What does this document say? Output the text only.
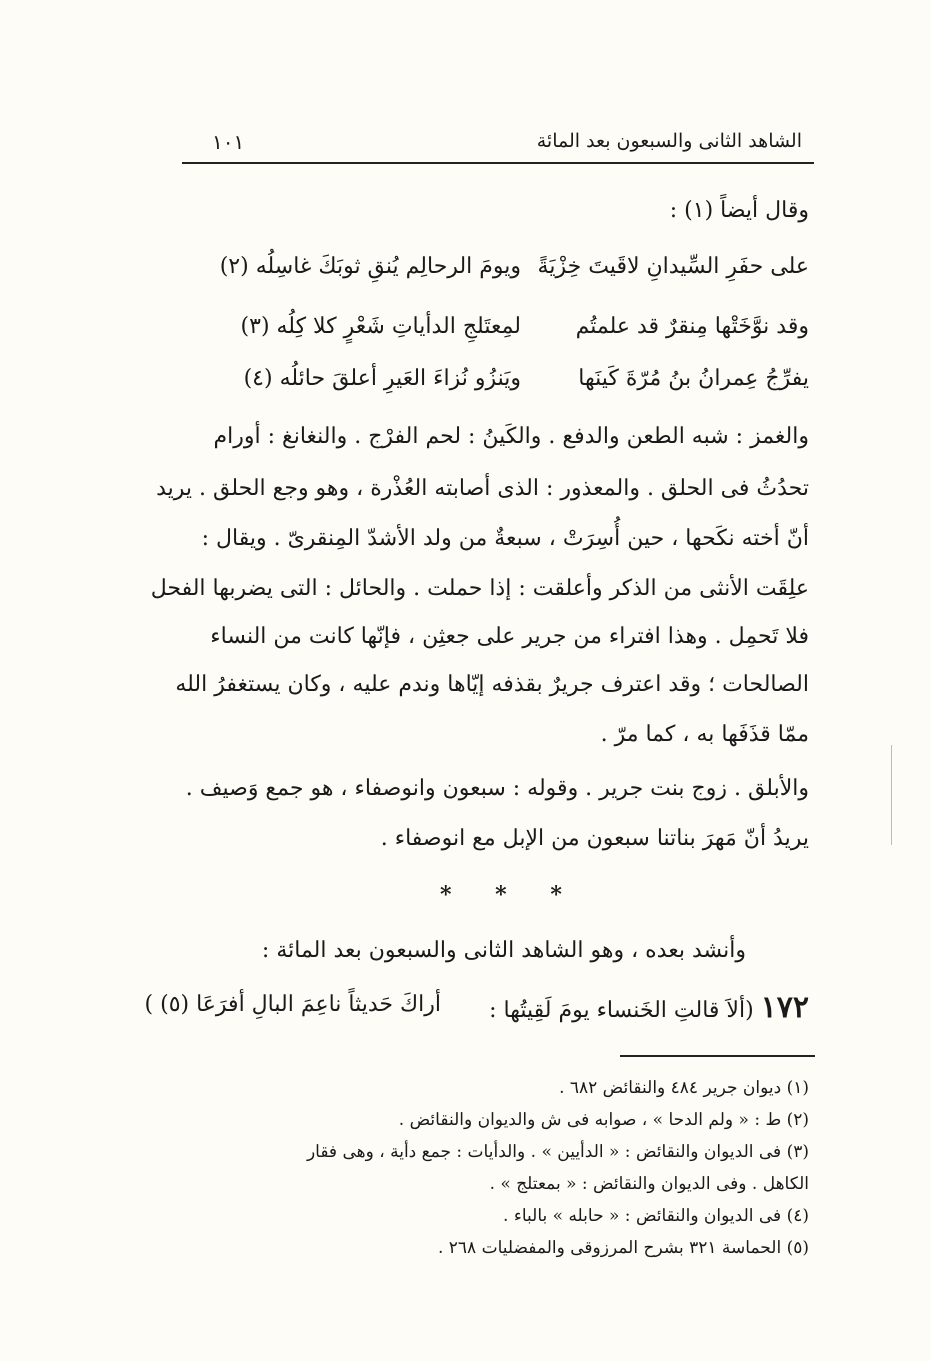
الشاهد الثانى والسبعون بعد المائة
١٠١
وقال أيضاً (١) :
على حفَرِ السِّيدانِ لاقَيتَ خِزْيَةً
ويومَ الرحالِم يُنقِ ثوبَكَ غاسِلُه (٢)
وقد نوَّخَتْها مِنقرٌ قد علمتُم
لمِعتَلجِ الدأياتِ شَعْرٍ كلا كِلُه (٣)
يفرِّجُ عِمرانُ بنُ مُرّةَ كَينَها
ويَنزُو نُزاءَ العَيرِ أعلقَ حائلُه (٤)
والغمز : شبه الطعن والدفع . والكَينُ : لحم الفرْج . والنغانغ : أورام
تحدُثُ فى الحلق . والمعذور : الذى أصابته العُذْرة ، وهو وجع الحلق . يريد
أنّ أخته نكَحها ، حين أُسِرَتْ ، سبعةٌ من ولد الأشدّ المِنقرىّ . ويقال :
علِقَت الأنثى من الذكر وأعلقت : إذا حملت . والحائل : التى يضربها الفحل
فلا تَحمِل . وهذا افتراء من جرير على جعثِن ، فإنّها كانت من النساء
الصالحات ؛ وقد اعترف جريرٌ بقذفه إيّاها وندم عليه ، وكان يستغفرُ الله
ممّا قذَفَها به ، كما مرّ .
والأبلق . زوج بنت جرير . وقوله : سبعون وانوصفاء ، هو جمع وَصيف .
يريدُ أنّ مَهرَ بناتنا سبعون من الإبل مع انوصفاء .
* * *
وأنشد بعده ، وهو الشاهد الثانى والسبعون بعد المائة :
١٧٢ (ألاَ قالتِ الخَنساء يومَ لَقِيتُها :
أراكَ حَديثاً ناعِمَ البالِ أفرَعَا (٥) )
(١) ديوان جرير ٤٨٤ والنقائض ٦٨٢ .
(٢) ط : « ولم الدحا » ، صوابه فى ش والديوان والنقائض .
(٣) فى الديوان والنقائض : « الدأيين » . والدأيات : جمع دأية ، وهى فقار
الكاهل . وفى الديوان والنقائض : « بمعتلج » .
(٤) فى الديوان والنقائض : « حابله » بالباء .
(٥) الحماسة ٣٢١ بشرح المرزوقى والمفضليات ٢٦٨ .
